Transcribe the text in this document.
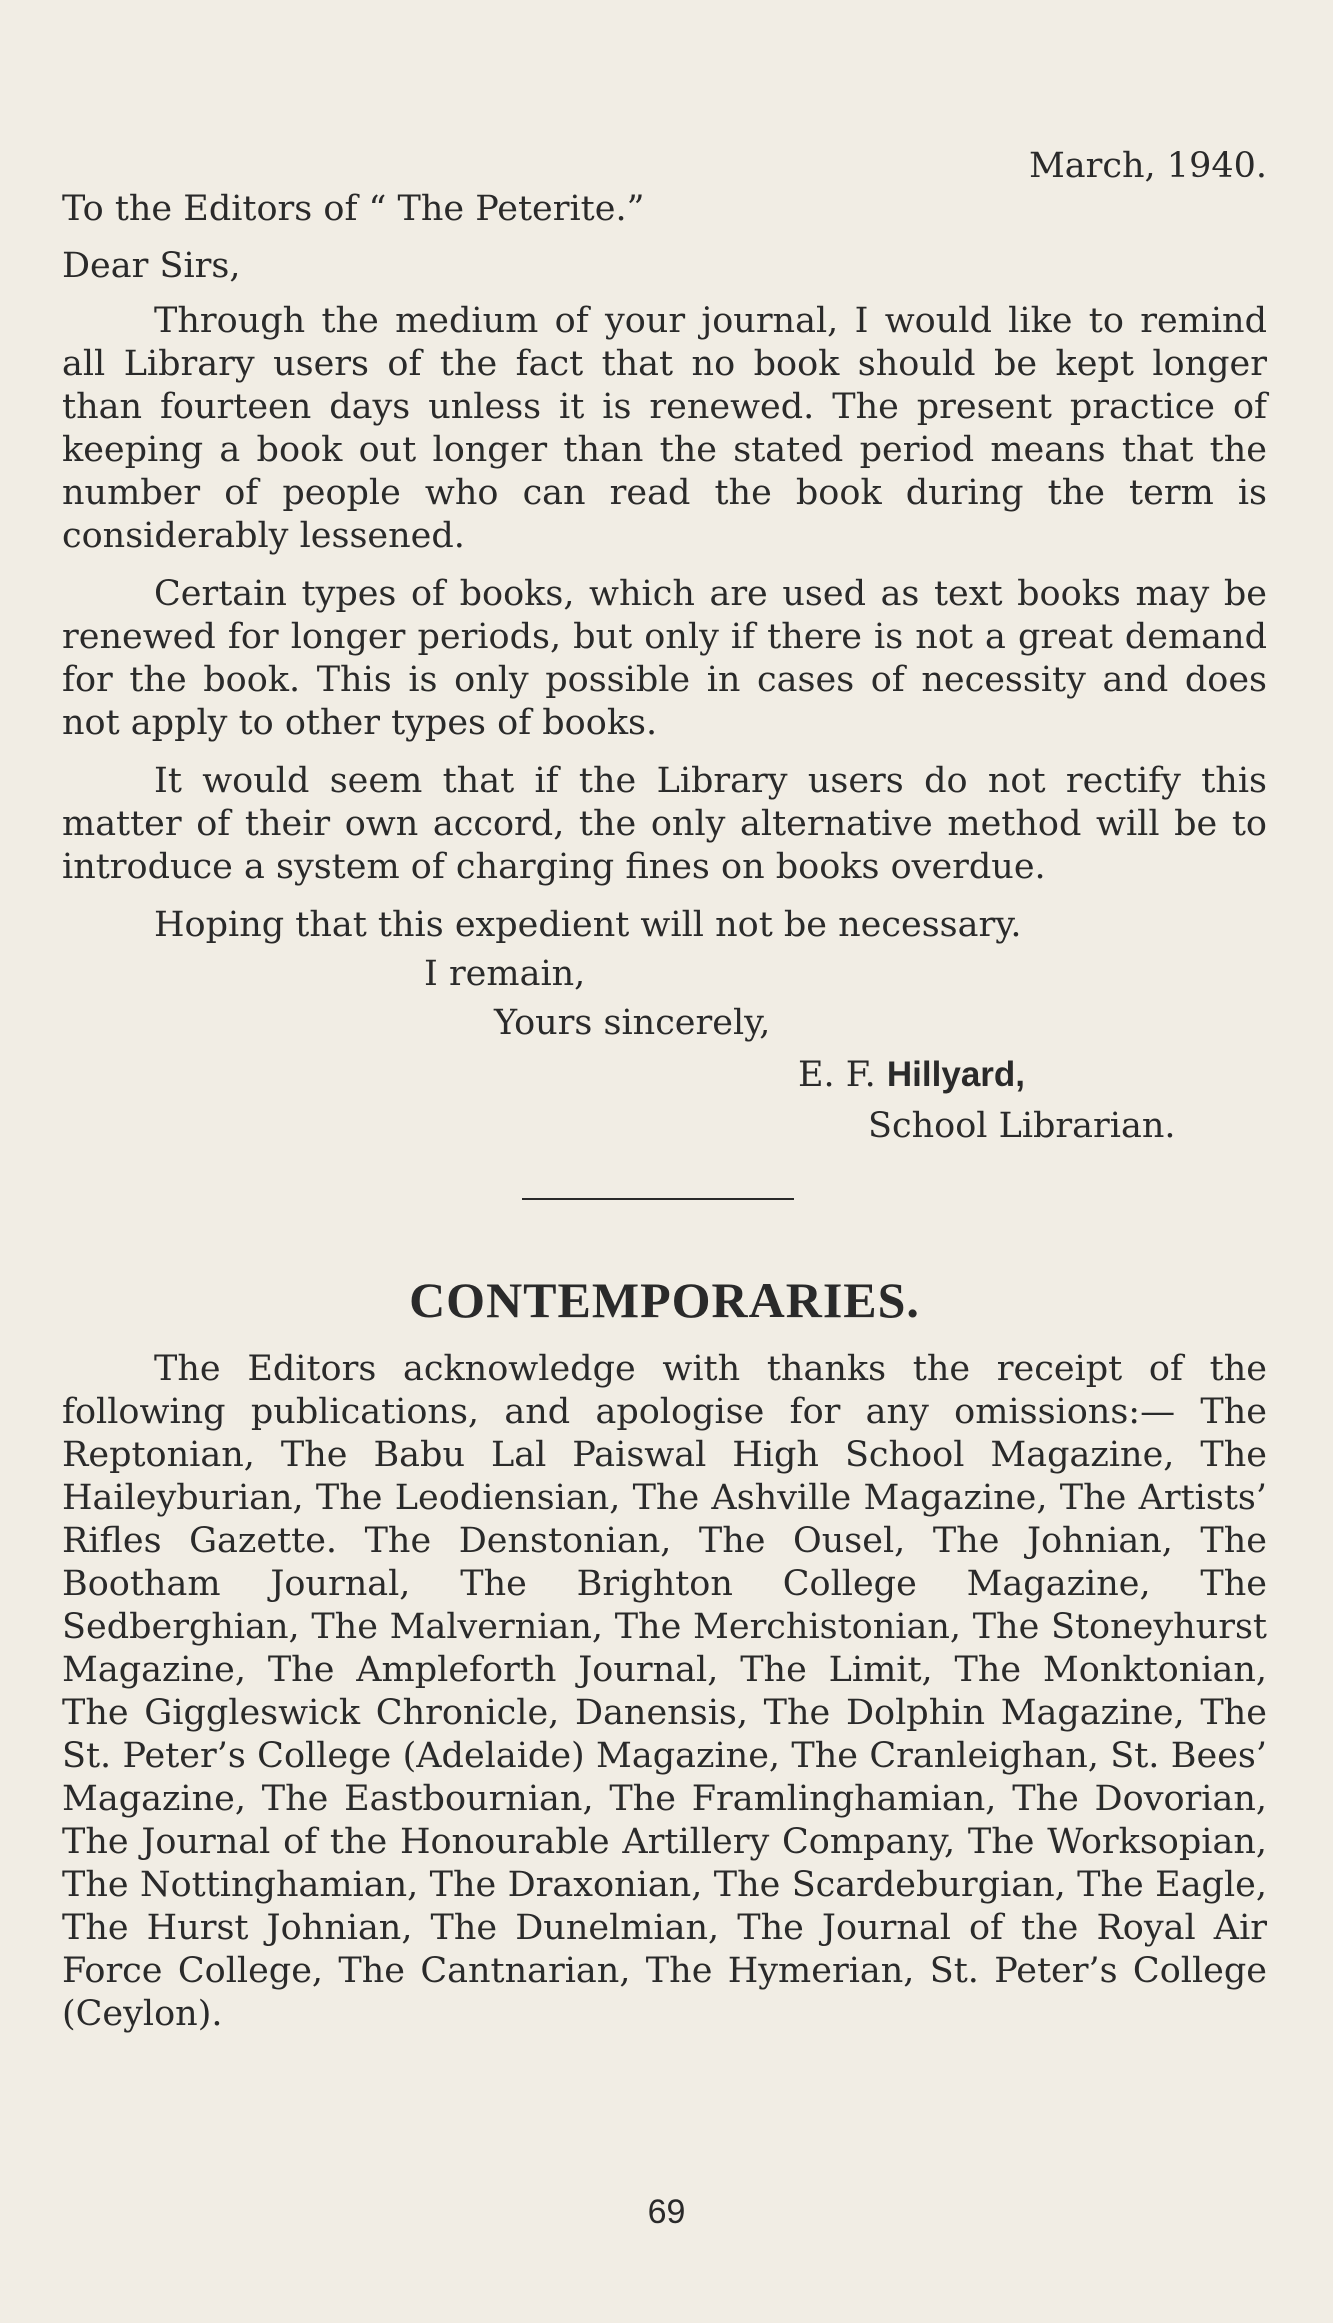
March, 1940.

To the Editors of “ The Peterite.”

Dear Sirs,

Through the medium of your journal, I would like to remind all Library users of the fact that no book should be kept longer than fourteen days unless it is renewed. The present practice of keeping a book out longer than the stated period means that the number of people who can read the book during the term is considerably lessened.

Certain types of books, which are used as text books may be renewed for longer periods, but only if there is not a great demand for the book. This is only possible in cases of necessity and does not apply to other types of books.

It would seem that if the Library users do not rectify this matter of their own accord, the only alternative method will be to introduce a system of charging fines on books overdue.

Hoping that this expedient will not be necessary.

I remain,

Yours sincerely,

E. F. Hillyard,

School Librarian.

CONTEMPORARIES.

The Editors acknowledge with thanks the receipt of the following publications, and apologise for any omissions:— The Reptonian, The Babu Lal Paiswal High School Magazine, The Haileyburian, The Leodiensian, The Ashville Magazine, The Artists’ Rifles Gazette. The Denstonian, The Ousel, The Johnian, The Bootham Journal, The Brighton College Magazine, The Sedberghian, The Malvernian, The Merchistonian, The Stoneyhurst Magazine, The Ampleforth Journal, The Limit, The Monktonian, The Giggleswick Chronicle, Danensis, The Dolphin Magazine, The St. Peter’s College (Adelaide) Magazine, The Cranleighan, St. Bees’ Magazine, The Eastbournian, The Framlinghamian, The Dovorian, The Journal of the Honourable Artillery Company, The Worksopian, The Nottinghamian, The Draxonian, The Scardeburgian, The Eagle, The Hurst Johnian, The Dunelmian, The Journal of the Royal Air Force College, The Cantnarian, The Hymerian, St. Peter’s College (Ceylon).

69
